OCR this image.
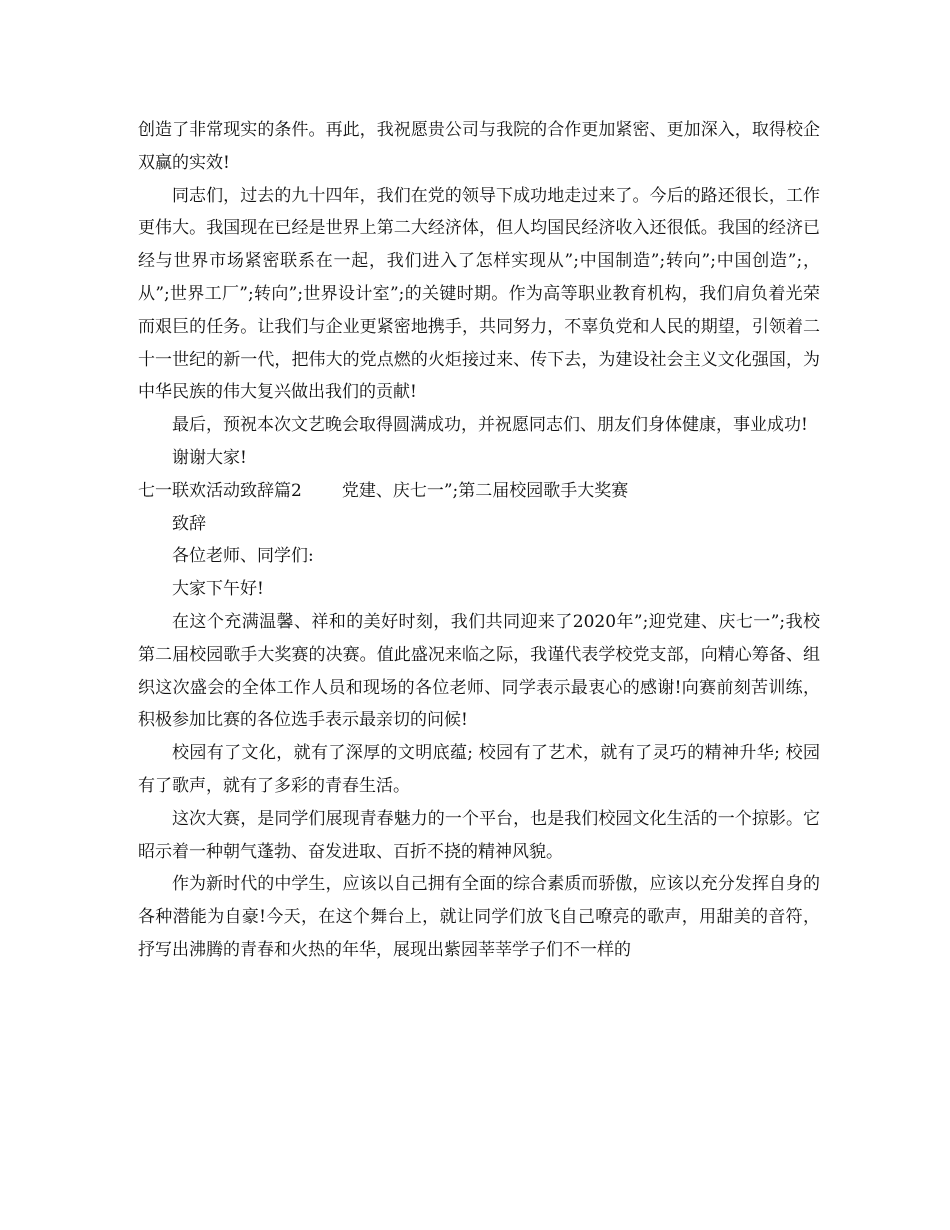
创造了非常现实的条件。再此，我祝愿贵公司与我院的合作更加紧密、更加深入，取得校企双赢的实效!

同志们，过去的九十四年，我们在党的领导下成功地走过来了。今后的路还很长，工作更伟大。我国现在已经是世界上第二大经济体，但人均国民经济收入还很低。我国的经济已经与世界市场紧密联系在一起，我们进入了怎样实现从”;中国制造”;转向”;中国创造”;，从”;世界工厂”;转向”;世界设计室”;的关键时期。作为高等职业教育机构，我们肩负着光荣而艰巨的任务。让我们与企业更紧密地携手，共同努力，不辜负党和人民的期望，引领着二十一世纪的新一代，把伟大的党点燃的火炬接过来、传下去，为建设社会主义文化强国，为中华民族的伟大复兴做出我们的贡献!

最后，预祝本次文艺晚会取得圆满成功，并祝愿同志们、朋友们身体健康，事业成功!

谢谢大家!

七一联欢活动致辞篇2 党建、庆七一”;第二届校园歌手大奖赛

致辞

各位老师、同学们:

大家下午好!

在这个充满温馨、祥和的美好时刻，我们共同迎来了2020年”;迎党建、庆七一”;我校第二届校园歌手大奖赛的决赛。值此盛况来临之际，我谨代表学校党支部，向精心筹备、组织这次盛会的全体工作人员和现场的各位老师、同学表示最衷心的感谢!向赛前刻苦训练，积极参加比赛的各位选手表示最亲切的问候!

校园有了文化，就有了深厚的文明底蕴; 校园有了艺术，就有了灵巧的精神升华; 校园有了歌声，就有了多彩的青春生活。

这次大赛，是同学们展现青春魅力的一个平台，也是我们校园文化生活的一个掠影。它昭示着一种朝气蓬勃、奋发进取、百折不挠的精神风貌。

作为新时代的中学生，应该以自己拥有全面的综合素质而骄傲，应该以充分发挥自身的各种潜能为自豪!今天，在这个舞台上，就让同学们放飞自己嘹亮的歌声，用甜美的音符，抒写出沸腾的青春和火热的年华，展现出紫园莘莘学子们不一样的
